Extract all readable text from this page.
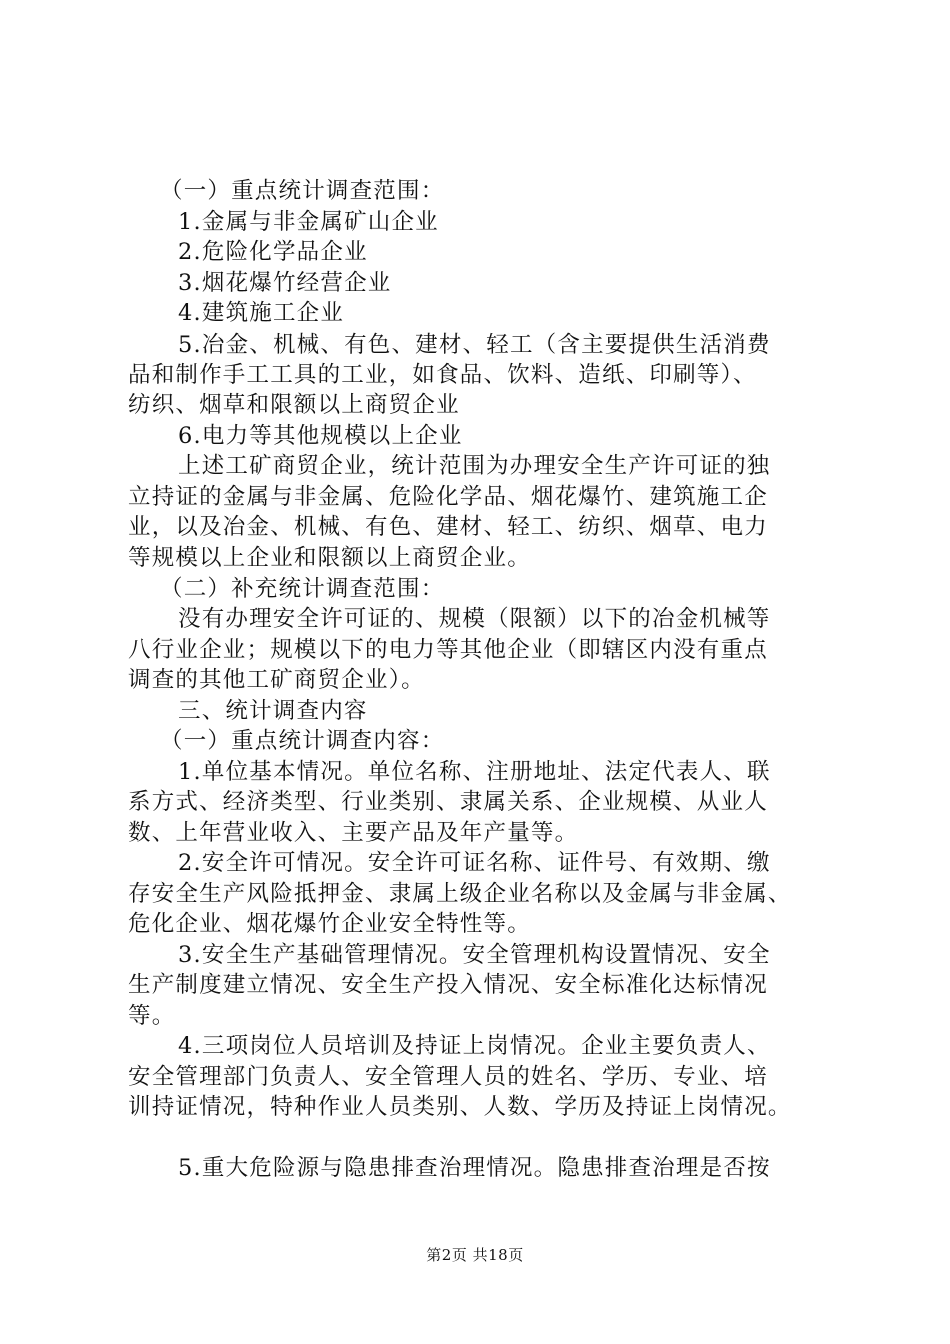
（一）重点统计调查范围：
1.金属与非金属矿山企业
2.危险化学品企业
3.烟花爆竹经营企业
4.建筑施工企业
5.冶金、机械、有色、建材、轻工（含主要提供生活消费
品和制作手工工具的工业，如食品、饮料、造纸、印刷等）、
纺织、烟草和限额以上商贸企业
6.电力等其他规模以上企业
上述工矿商贸企业，统计范围为办理安全生产许可证的独
立持证的金属与非金属、危险化学品、烟花爆竹、建筑施工企
业，以及冶金、机械、有色、建材、轻工、纺织、烟草、电力
等规模以上企业和限额以上商贸企业。
（二）补充统计调查范围：
没有办理安全许可证的、规模（限额）以下的冶金机械等
八行业企业；规模以下的电力等其他企业（即辖区内没有重点
调查的其他工矿商贸企业）。
三、统计调查内容
（一）重点统计调查内容：
1.单位基本情况。单位名称、注册地址、法定代表人、联
系方式、经济类型、行业类别、隶属关系、企业规模、从业人
数、上年营业收入、主要产品及年产量等。
2.安全许可情况。安全许可证名称、证件号、有效期、缴
存安全生产风险抵押金、隶属上级企业名称以及金属与非金属、
危化企业、烟花爆竹企业安全特性等。
3.安全生产基础管理情况。安全管理机构设置情况、安全
生产制度建立情况、安全生产投入情况、安全标准化达标情况
等。
4.三项岗位人员培训及持证上岗情况。企业主要负责人、
安全管理部门负责人、安全管理人员的姓名、学历、专业、培
训持证情况，特种作业人员类别、人数、学历及持证上岗情况。
5.重大危险源与隐患排查治理情况。隐患排查治理是否按
第2页 共18页
